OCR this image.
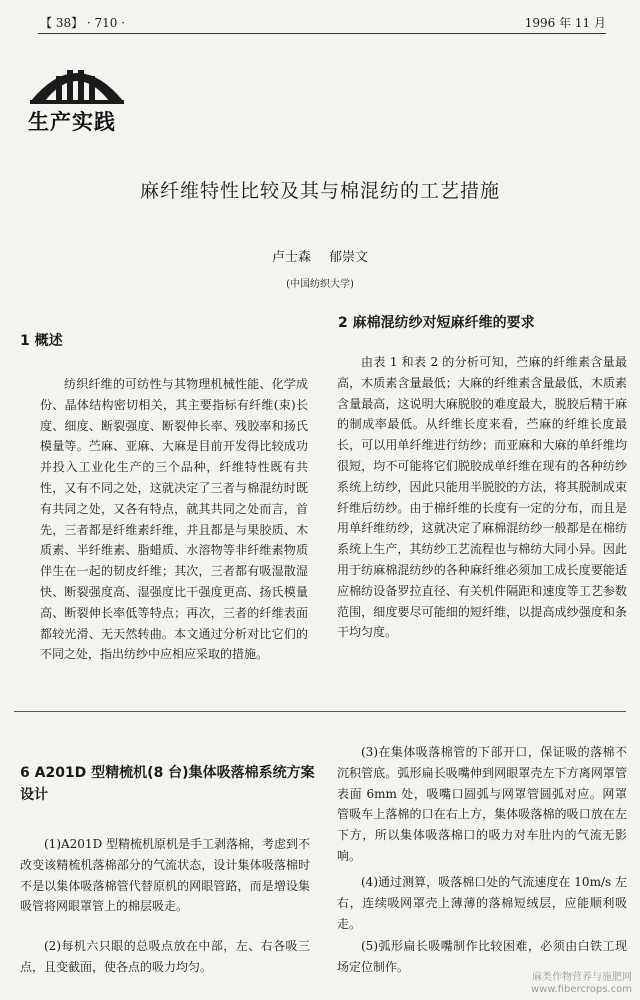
【 38】 · 710 ·	1996 年 11 月
生产实践
麻纤维特性比较及其与棉混纺的工艺措施
卢士森 郁崇文
(中国纺织大学)
1 概述

纺织纤维的可纺性与其物理机械性能、化学成份、晶体结构密切相关，其主要指标有纤维(束)长度、细度、断裂强度、断裂伸长率、残胶率和扬氏模量等。苎麻、亚麻、大麻是目前开发得比较成功并投入工业化生产的三个品种，纤维特性既有共性，又有不同之处，这就决定了三者与棉混纺时既有共同之处，又各有特点，就其共同之处而言，首先，三者都是纤维素纤维，并且都是与果胶质、木质素、半纤维素、脂蜡质、水溶物等非纤维素物质伴生在一起的韧皮纤维；其次，三者都有吸湿散湿快、断裂强度高、湿强度比干强度更高、扬氏模量高、断裂伸长率低等特点；再次，三者的纤维表面都较光滑、无天然转曲。本文通过分析对比它们的不同之处，指出纺纱中应相应采取的措施。

2 麻棉混纺纱对短麻纤维的要求

由表 1 和表 2 的分析可知，苎麻的纤维素含量最高，木质素含量最低；大麻的纤维素含量最低，木质素含量最高，这说明大麻脱胶的难度最大，脱胶后精干麻的制成率最低。从纤维长度来看，苎麻的纤维长度最长，可以用单纤维进行纺纱；而亚麻和大麻的单纤维均很短，均不可能将它们脱胶成单纤维在现有的各种纺纱系统上纺纱，因此只能用半脱胶的方法，将其脱制成束纤维后纺纱。由于棉纤维的长度有一定的分布，而且是用单纤维纺纱，这就决定了麻棉混纺纱一般都是在棉纺系统上生产，其纺纱工艺流程也与棉纺大同小异。因此用于纺麻棉混纺纱的各种麻纤维必须加工成长度要能适应棉纺设备罗拉直径、有关机件隔距和速度等工艺参数范围，细度要尽可能细的短纤维，以提高成纱强度和条干均匀度。

6 A201D 型精梳机(8 台)集体吸落棉系统方案设计

(1)A201D 型精梳机原机是手工剥落棉，考虑到不改变该精梳机落棉部分的气流状态，设计集体吸落棉时不是以集体吸落棉管代替原机的网眼管路，而是增设集吸管将网眼罩管上的棉层吸走。

(2)每机六只眼的总吸点放在中部，左、右各吸三点，且变截面，使各点的吸力均匀。

(3)在集体吸落棉管的下部开口，保证吸的落棉不沉积管底。弧形扁长吸嘴伸到网眼罩壳左下方离网罩管表面 6mm 处，吸嘴口圆弧与网罩管圆弧对应。网罩管吸车上落棉的口在右上方，集体吸落棉的吸口放在左下方，所以集体吸落棉口的吸力对车肚内的气流无影响。

(4)通过测算，吸落棉口处的气流速度在 10m/s 左右，连续吸网罩壳上薄薄的落棉短绒层，应能顺利吸走。

(5)弧形扁长吸嘴制作比较困难，必须由白铁工现场定位制作。

麻类作物营养与施肥网
www.fibercrops.com
